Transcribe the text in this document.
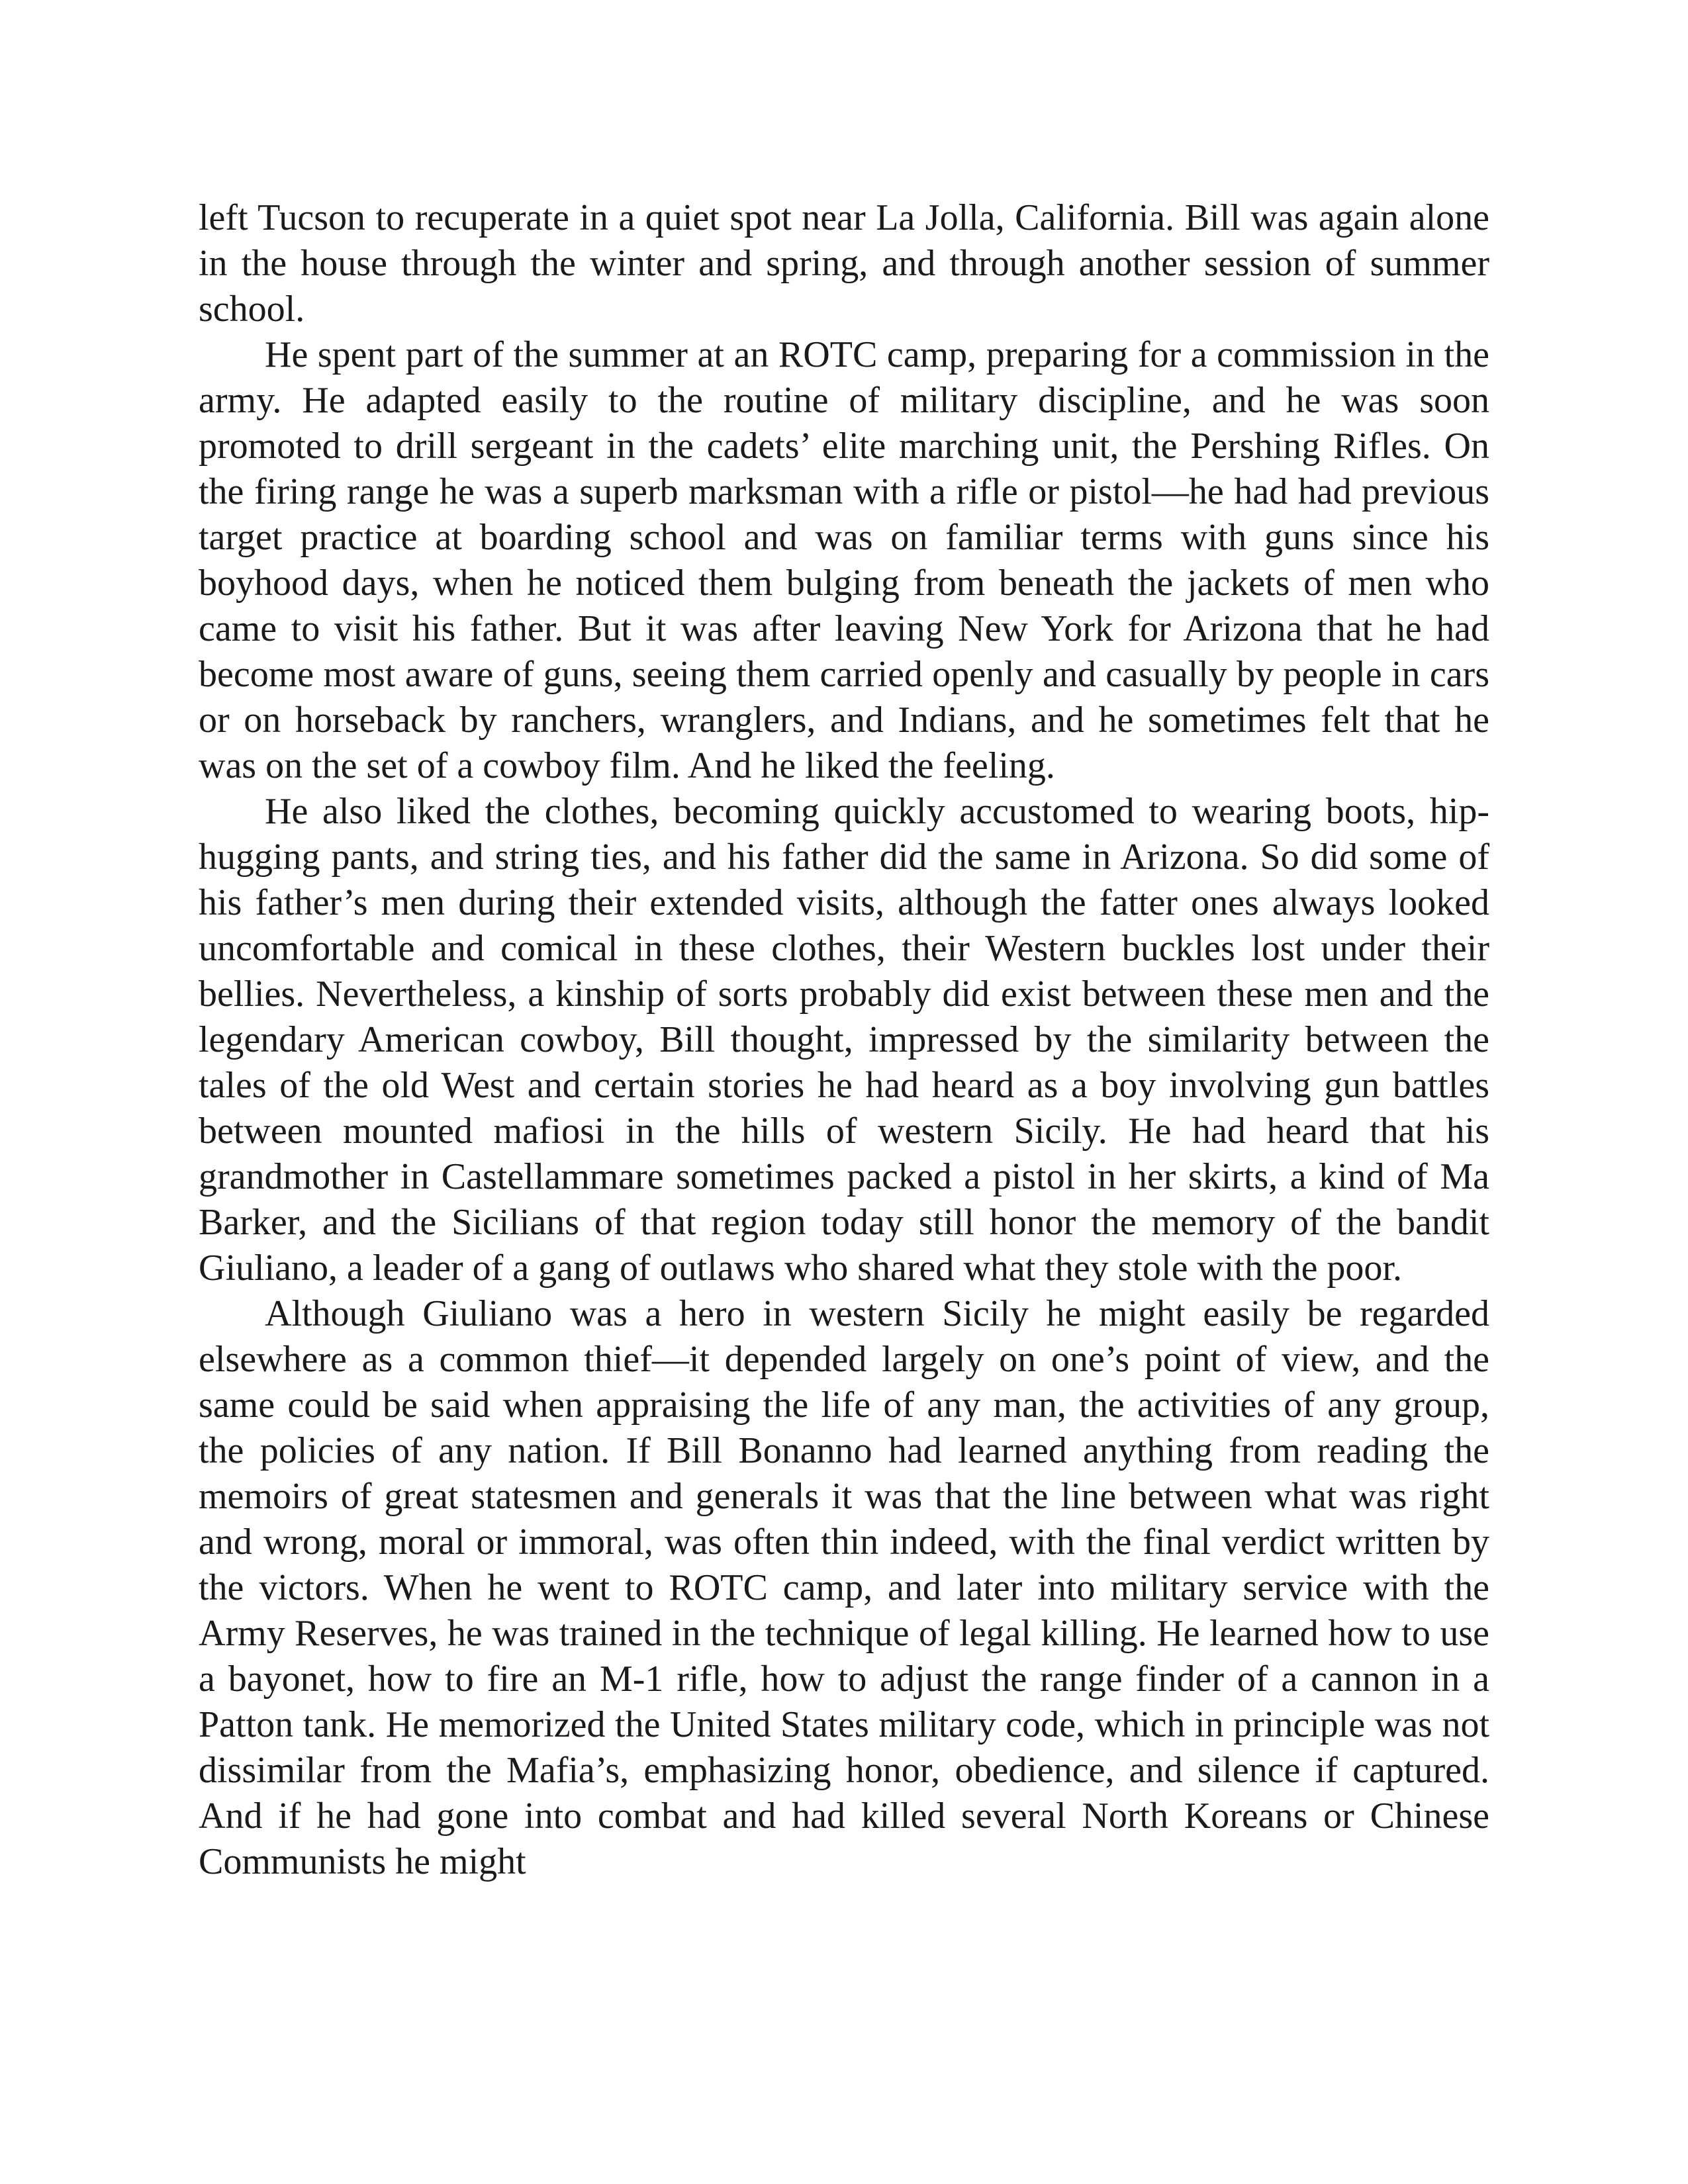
left Tucson to recuperate in a quiet spot near La Jolla, California. Bill was again alone in the house through the winter and spring, and through another session of summer school.

He spent part of the summer at an ROTC camp, preparing for a commission in the army. He adapted easily to the routine of military discipline, and he was soon promoted to drill sergeant in the cadets’ elite marching unit, the Pershing Rifles. On the firing range he was a superb marksman with a rifle or pistol—he had had previous target practice at boarding school and was on familiar terms with guns since his boyhood days, when he noticed them bulging from beneath the jackets of men who came to visit his father. But it was after leaving New York for Arizona that he had become most aware of guns, seeing them carried openly and casually by people in cars or on horseback by ranchers, wranglers, and Indians, and he sometimes felt that he was on the set of a cowboy film. And he liked the feeling.

He also liked the clothes, becoming quickly accustomed to wearing boots, hip-hugging pants, and string ties, and his father did the same in Arizona. So did some of his father’s men during their extended visits, although the fatter ones always looked uncomfortable and comical in these clothes, their Western buckles lost under their bellies. Nevertheless, a kinship of sorts probably did exist between these men and the legendary American cowboy, Bill thought, impressed by the similarity between the tales of the old West and certain stories he had heard as a boy involving gun battles between mounted mafiosi in the hills of western Sicily. He had heard that his grandmother in Castellammare sometimes packed a pistol in her skirts, a kind of Ma Barker, and the Sicilians of that region today still honor the memory of the bandit Giuliano, a leader of a gang of outlaws who shared what they stole with the poor.

Although Giuliano was a hero in western Sicily he might easily be regarded elsewhere as a common thief—it depended largely on one’s point of view, and the same could be said when appraising the life of any man, the activities of any group, the policies of any nation. If Bill Bonanno had learned anything from reading the memoirs of great statesmen and generals it was that the line between what was right and wrong, moral or immoral, was often thin indeed, with the final verdict written by the victors. When he went to ROTC camp, and later into military service with the Army Reserves, he was trained in the technique of legal killing. He learned how to use a bayonet, how to fire an M-1 rifle, how to adjust the range finder of a cannon in a Patton tank. He memorized the United States military code, which in principle was not dissimilar from the Mafia’s, emphasizing honor, obedience, and silence if captured. And if he had gone into combat and had killed several North Koreans or Chinese Communists he might
